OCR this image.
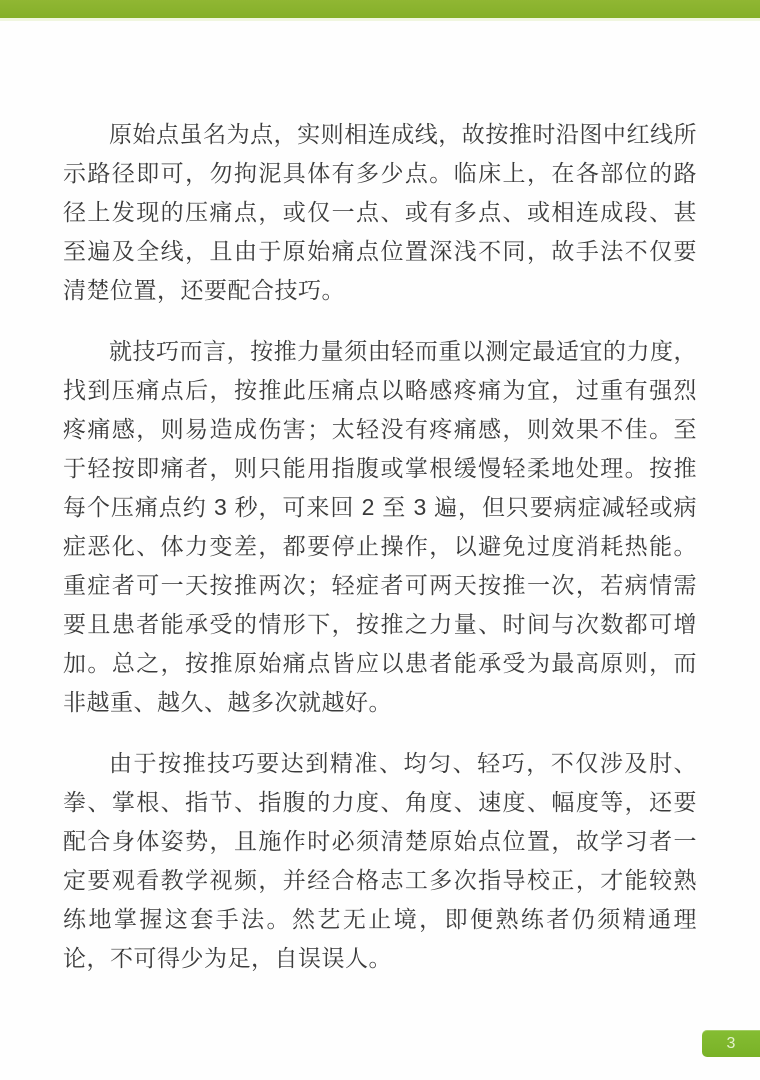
原始点虽名为点，实则相连成线，故按推时沿图中红线所示路径即可，勿拘泥具体有多少点。临床上，在各部位的路径上发现的压痛点，或仅一点、或有多点、或相连成段、甚至遍及全线，且由于原始痛点位置深浅不同，故手法不仅要清楚位置，还要配合技巧。

就技巧而言，按推力量须由轻而重以测定最适宜的力度，找到压痛点后，按推此压痛点以略感疼痛为宜，过重有强烈疼痛感，则易造成伤害；太轻没有疼痛感，则效果不佳。至于轻按即痛者，则只能用指腹或掌根缓慢轻柔地处理。按推每个压痛点约 3 秒，可来回 2 至 3 遍，但只要病症减轻或病症恶化、体力变差，都要停止操作，以避免过度消耗热能。重症者可一天按推两次；轻症者可两天按推一次，若病情需要且患者能承受的情形下，按推之力量、时间与次数都可增加。总之，按推原始痛点皆应以患者能承受为最高原则，而非越重、越久、越多次就越好。

由于按推技巧要达到精准、均匀、轻巧，不仅涉及肘、拳、掌根、指节、指腹的力度、角度、速度、幅度等，还要配合身体姿势，且施作时必须清楚原始点位置，故学习者一定要观看教学视频，并经合格志工多次指导校正，才能较熟练地掌握这套手法。然艺无止境，即便熟练者仍须精通理论，不可得少为足，自误误人。

3
